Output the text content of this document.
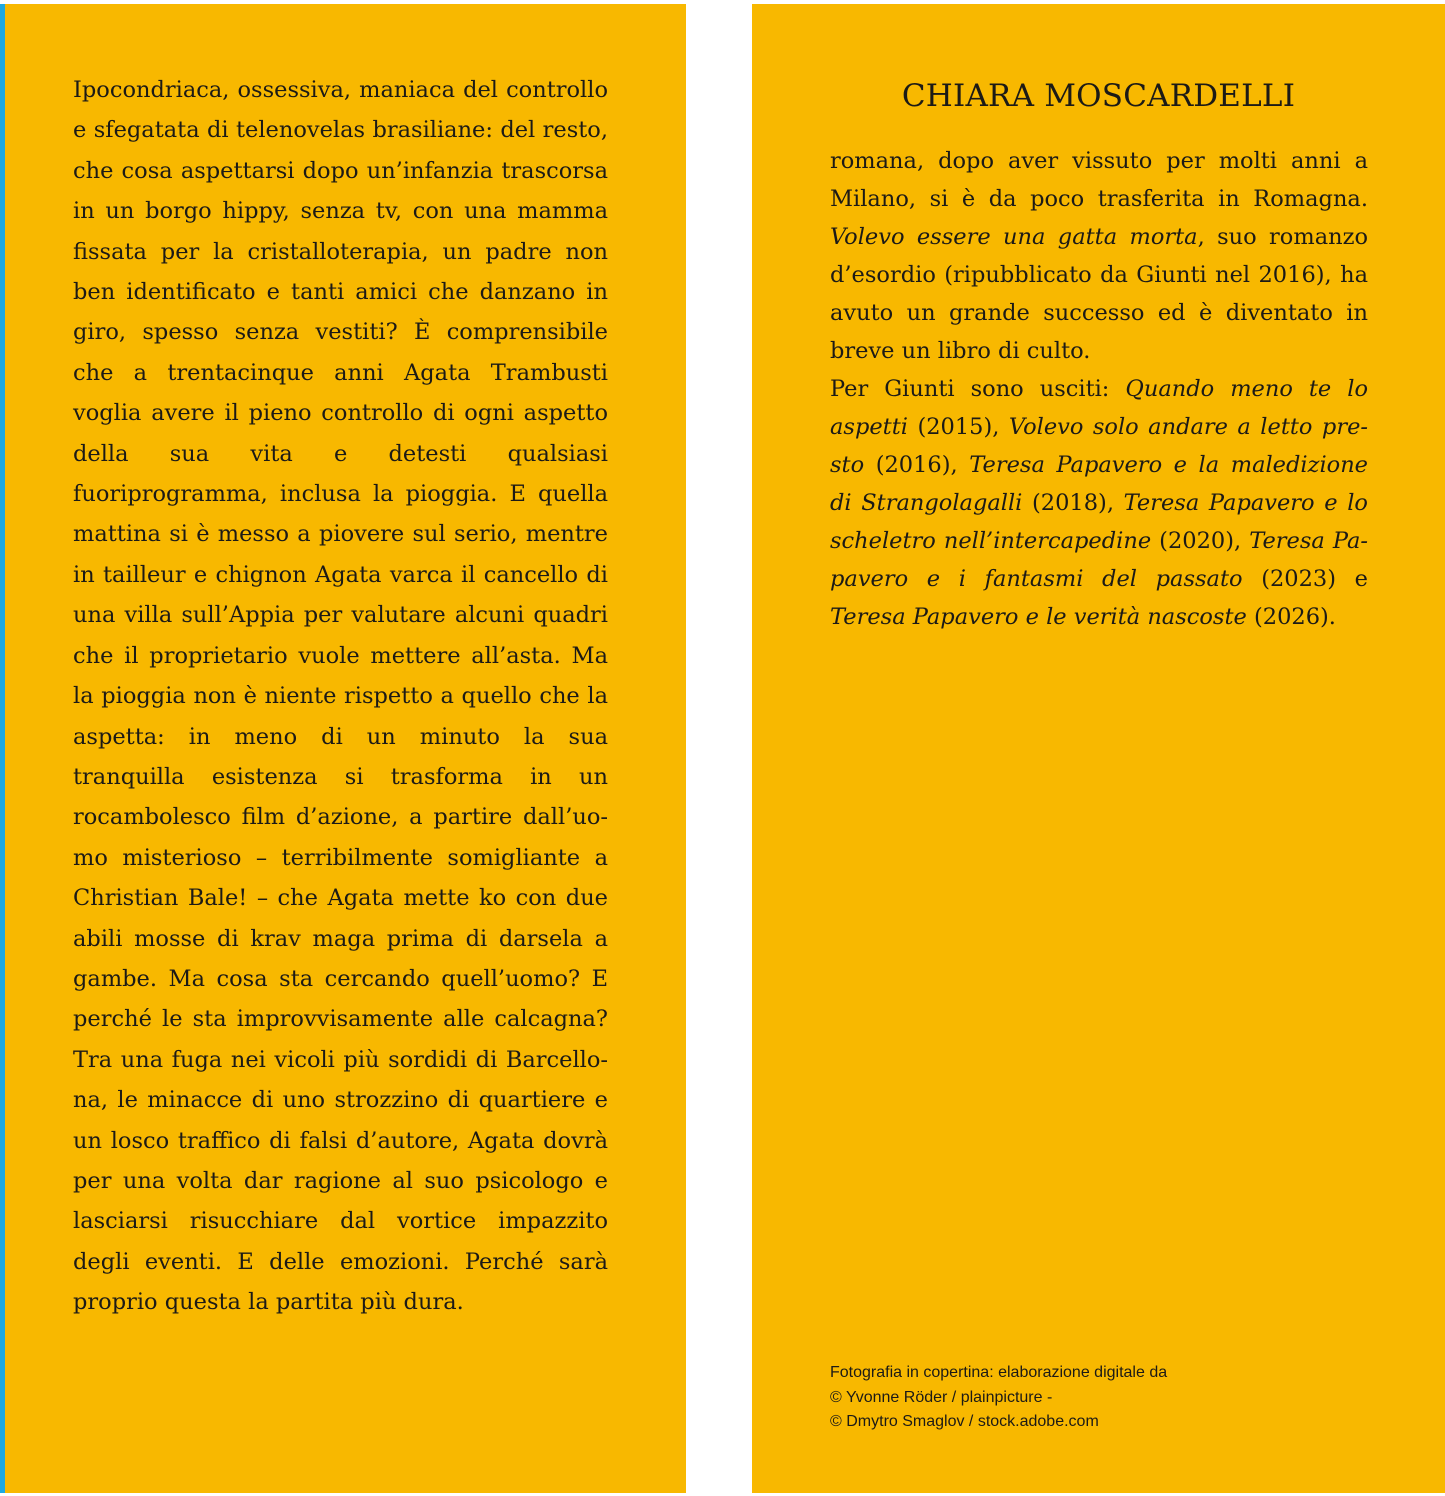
Ipocondriaca, ossessiva, maniaca del controllo e sfegatata di telenovelas brasiliane: del resto, che cosa aspettarsi dopo un’infanzia trascorsa in un borgo hippy, senza tv, con una mamma fissata per la cristalloterapia, un padre non ben identificato e tanti amici che danzano in giro, spesso senza vestiti? È comprensibile che a trentacinque anni Agata Trambusti voglia avere il pieno controllo di ogni aspetto della sua vita e detesti qualsiasi fuoriprogramma, inclusa la pioggia. E quella mattina si è messo a piovere sul serio, mentre in tailleur e chignon Agata varca il cancello di una villa sull’Appia per valutare alcuni quadri che il proprietario vuole mettere all’asta. Ma la pioggia non è niente rispetto a quello che la aspetta: in meno di un minuto la sua tranquilla esistenza si trasforma in un rocambolesco film d’azione, a partire dall’uomo misterioso – terribilmente somigliante a Christian Bale! – che Agata mette ko con due abili mosse di krav maga prima di darsela a gambe. Ma cosa sta cercando quell’uomo? E perché le sta improvvisamente alle calcagna? Tra una fuga nei vicoli più sordidi di Barcellona, le minacce di uno strozzino di quartiere e un losco traffico di falsi d’autore, Agata dovrà per una volta dar ragione al suo psicologo e lasciarsi risucchiare dal vortice impazzito degli eventi. E delle emozioni. Perché sarà proprio questa la partita più dura.

CHIARA MOSCARDELLI

romana, dopo aver vissuto per molti anni a Milano, si è da poco trasferita in Romagna. Volevo essere una gatta morta, suo romanzo d’esordio (ripubblicato da Giunti nel 2016), ha avuto un grande successo ed è diventato in breve un libro di culto.

Per Giunti sono usciti: Quando meno te lo aspetti (2015), Volevo solo andare a letto presto (2016), Teresa Papavero e la maledizione di Strangolagalli (2018), Teresa Papavero e lo scheletro nell’intercapedine (2020), Teresa Papavero e i fantasmi del passato (2023) e Teresa Papavero e le verità nascoste (2026).

Fotografia in copertina: elaborazione digitale da
© Yvonne Röder / plainpicture -
© Dmytro Smaglov / stock.adobe.com
